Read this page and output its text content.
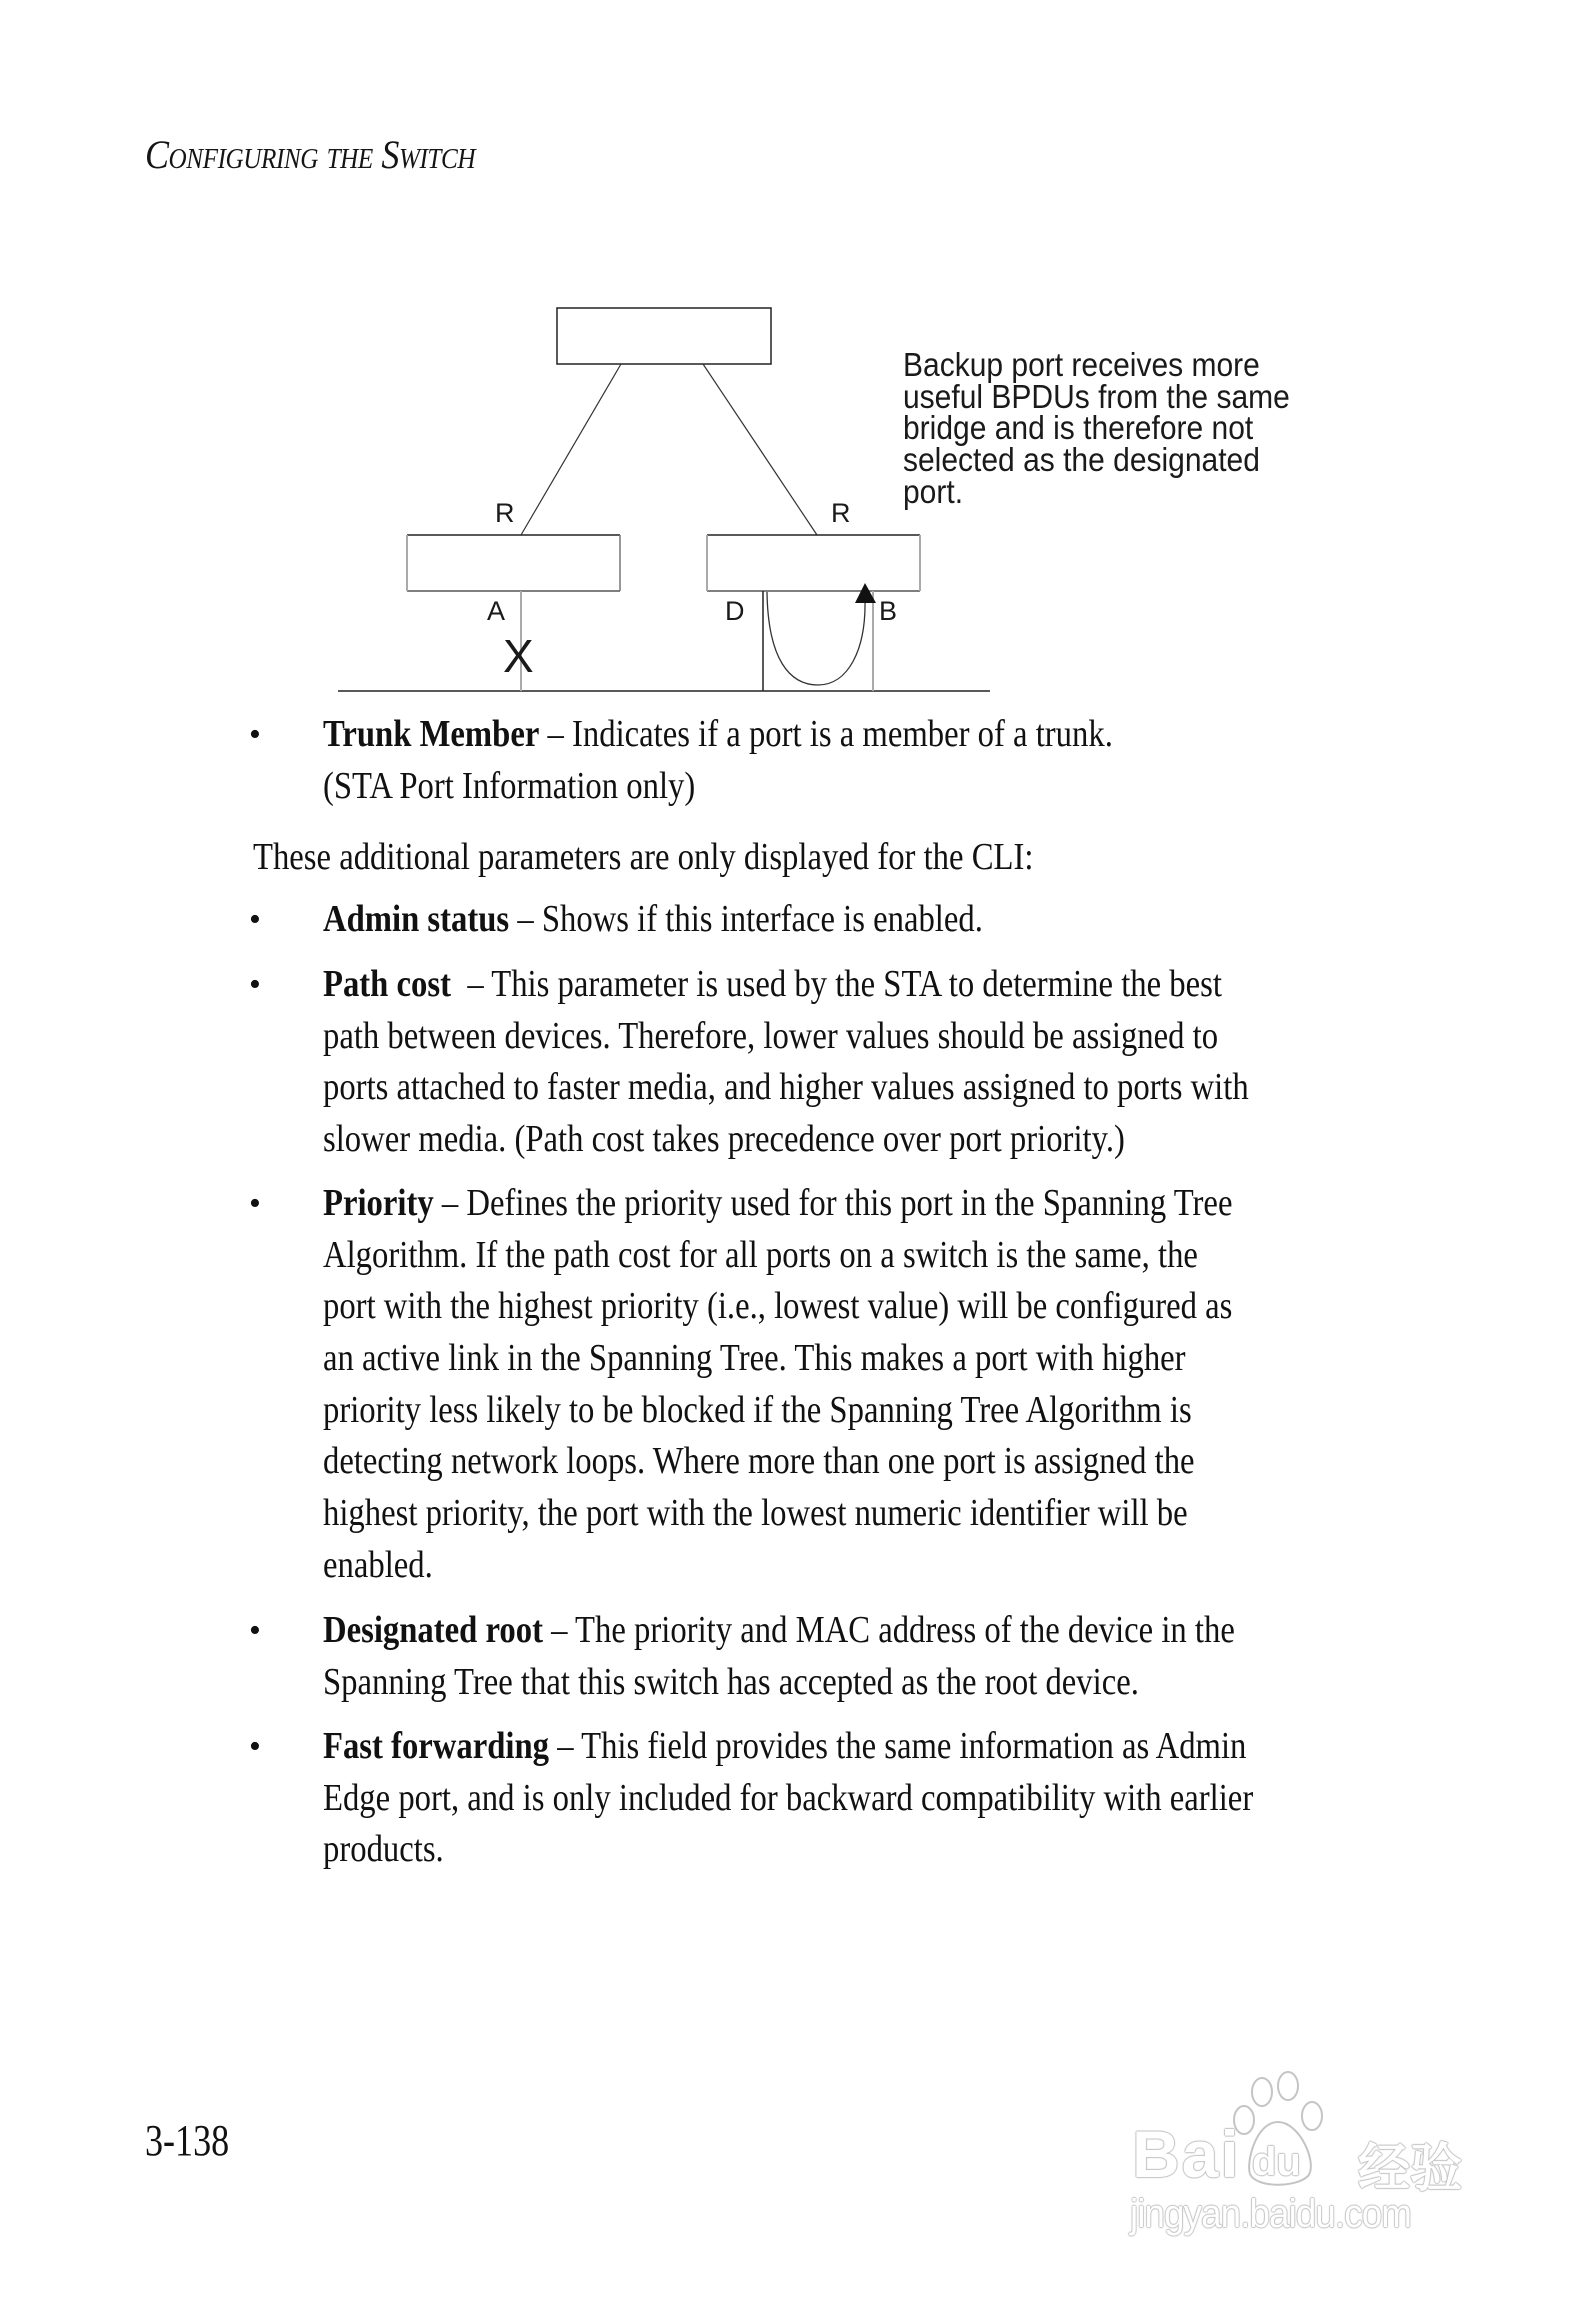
Configuring the Switch
R	R
A	D	B
X
Backup port receives more
useful BPDUs from the same
bridge and is therefore not
selected as the designated
port.
• Trunk Member – Indicates if a port is a member of a trunk.
(STA Port Information only)
These additional parameters are only displayed for the CLI:
• Admin status – Shows if this interface is enabled.
• Path cost  – This parameter is used by the STA to determine the best
path between devices. Therefore, lower values should be assigned to
ports attached to faster media, and higher values assigned to ports with
slower media. (Path cost takes precedence over port priority.)
• Priority – Defines the priority used for this port in the Spanning Tree
Algorithm. If the path cost for all ports on a switch is the same, the
port with the highest priority (i.e., lowest value) will be configured as
an active link in the Spanning Tree. This makes a port with higher
priority less likely to be blocked if the Spanning Tree Algorithm is
detecting network loops. Where more than one port is assigned the
highest priority, the port with the lowest numeric identifier will be
enabled.
• Designated root – The priority and MAC address of the device in the
Spanning Tree that this switch has accepted as the root device.
• Fast forwarding – This field provides the same information as Admin
Edge port, and is only included for backward compatibility with earlier
products.
3-138	Bai du 经验
jingyan.baidu.com
